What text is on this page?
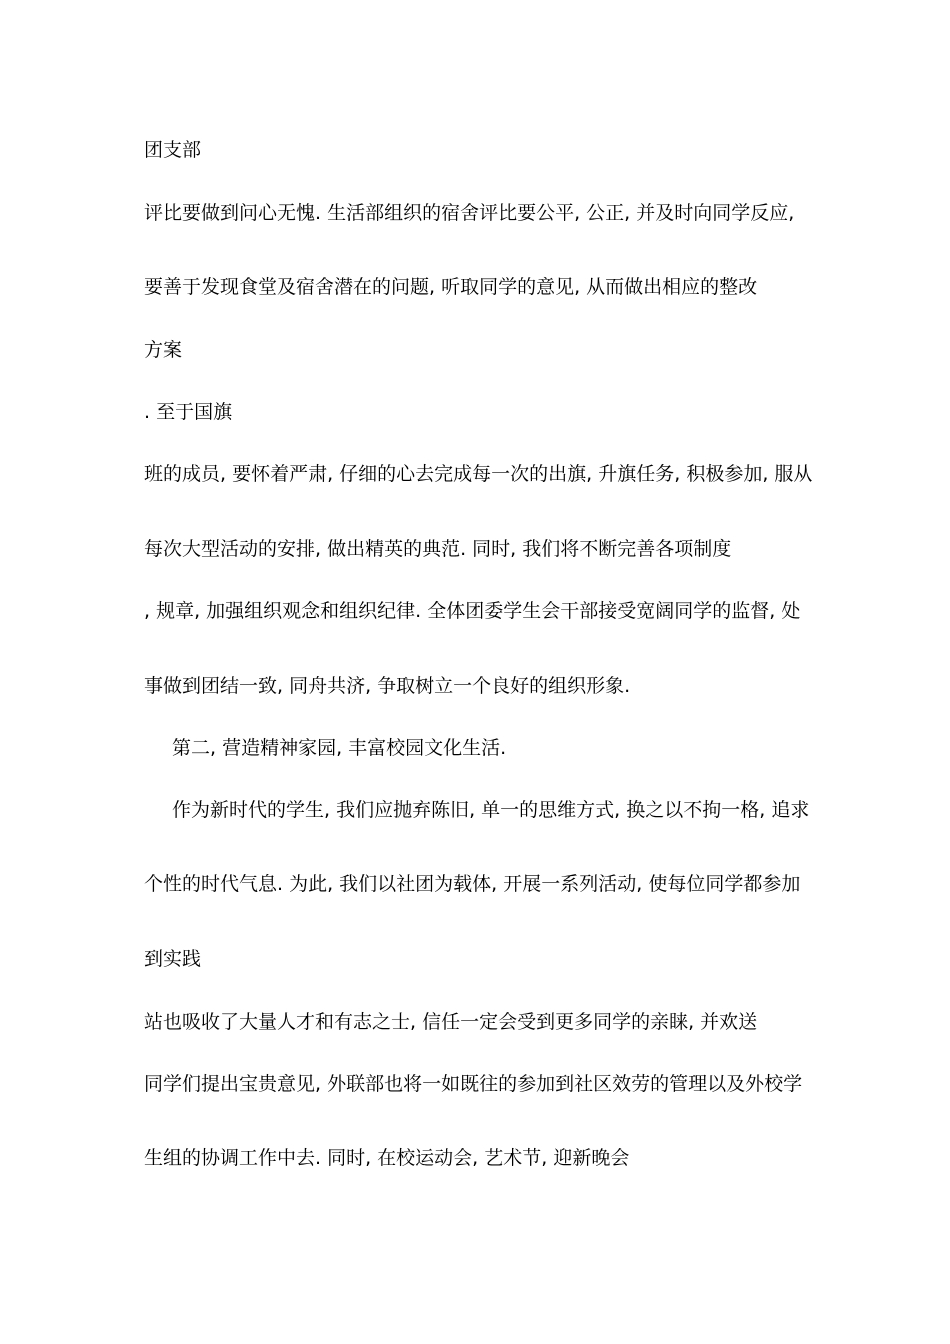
团支部
评比要做到问心无愧. 生活部组织的宿舍评比要公平, 公正, 并及时向同学反应,
要善于发现食堂及宿舍潜在的问题, 听取同学的意见, 从而做出相应的整改
方案
. 至于国旗
班的成员, 要怀着严肃, 仔细的心去完成每一次的出旗, 升旗任务, 积极参加, 服从
每次大型活动的安排, 做出精英的典范. 同时, 我们将不断完善各项制度
, 规章, 加强组织观念和组织纪律. 全体团委学生会干部接受宽阔同学的监督, 处
事做到团结一致, 同舟共济, 争取树立一个良好的组织形象.
第二, 营造精神家园, 丰富校园文化生活.
作为新时代的学生, 我们应抛弃陈旧, 单一的思维方式, 换之以不拘一格, 追求
个性的时代气息. 为此, 我们以社团为载体, 开展一系列活动, 使每位同学都参加
到实践
站也吸收了大量人才和有志之士, 信任一定会受到更多同学的亲睐, 并欢送
同学们提出宝贵意见, 外联部也将一如既往的参加到社区效劳的管理以及外校学
生组的协调工作中去. 同时, 在校运动会, 艺术节, 迎新晚会
